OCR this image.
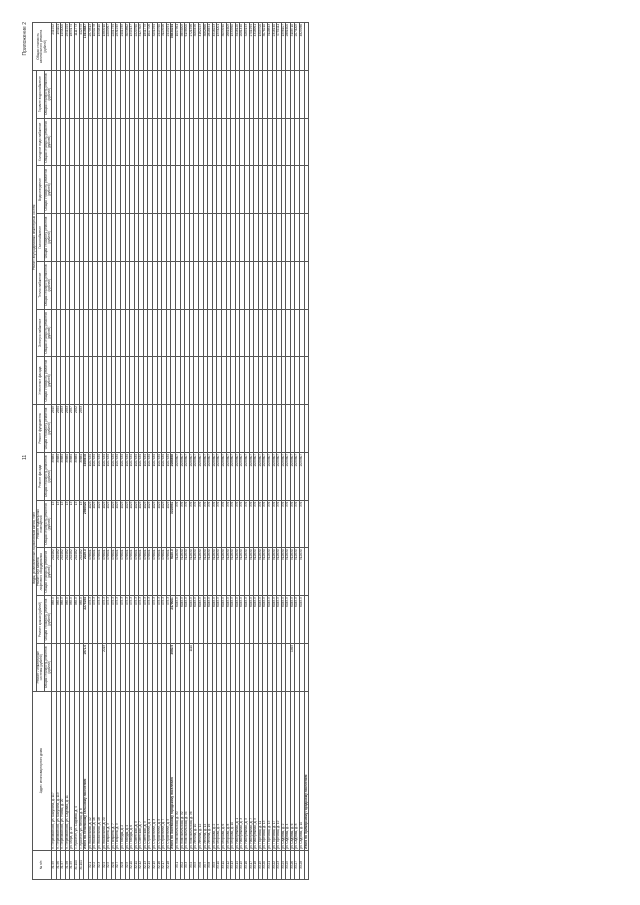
Приложение 2
11
№ п/п	Адрес многоквартирного дома	Виды, установленные нормативным актом, тонн						Ремонт внутридомовых инженерных систем							Общая стоимость капитального ремонта (рублей)
		Ремонт / инженерные системы (рублей)	Ремонт крыши (рублей)	Ремонт или замена лифтового оборудования	Ремонт подвальных помещений	Ремонт фасада	Ремонт фундамента	Утепление фасада	Электроснабжение	Теплоснабжение	Газоснабжение	Водоотведение	Холодное водоснабжение	Горячее водоснабжение	
		Общая стоимость ремонтов (рублей)	Общая стоимость ремонтов (рублей)	Общая стоимость ремонтов (рублей)	Общая стоимость ремонтов (рублей)	Общая стоимость ремонтов (рублей)	Общая стоимость ремонтов (рублей)	Общая стоимость ремонтов (рублей)	Общая стоимость ремонтов (рублей)	Общая стоимость ремонтов (рублей)	Общая стоимость ремонтов (рублей)	Общая стоимость ремонтов (рублей)	Общая стоимость ремонтов (рублей)	Общая стоимость ремонтов (рублей)	
31.95	п. Первомайский, ул. Бакунина, д. 117		985.5	242482	15	39684	2549								241922
31.96	п. Первомайский, ул. Бакунина, д. 119		985.5	242482	15	39684	2554								194101
31.97	п. Первомайский, ул. Новая, д. 20		985.5	242482	15	39684	2553								1450000
31.98	п. Первомайский, ул. Садовая, д. 11		985.5	242482	15	39684	2553								2541924
31.99	ул. Мира, д. 22		985.5	242482	15	39684	2557								1895174
31.100	с. Красное, ул. Садовая, д. 4		985.5	242482	15	39684	2552								1111773
31.101	с. Красное, ул. Лесная, д. 8		985.5	242482	15	39684	2553								412375
	Итого по Ленинскому сельскому поселению	1971.0	2275194	2029.0	2566520	3369678									13419487
32.1	ул. Вокзальная, д. 12		475.3	476601	1025	1007434									2579813
32.2	ул. Вокзальная, д. 16		475.3	476601	1025	1007434									1050278
32.3	ул. Вокзальная, д. 18		475.3	476601	1025	1007434									1990810
32.4	ул. Вокзальная, д. 20	2019	475.3	476601	1025	1007434									1983910
32.5	ул. Гагарина, д. 3		475.3	476601	1025	1007434									2209967
32.6	ул. Гагарина, д. 7		475.3	476601	1025	1007434									2201794
32.7	ул. Гагарина, д. 9		475.3	476601	1025	1007434									2531945
32.8	ул. Победы, д. 2		475.3	476601	1025	1007434									2401939
32.9	ул. Победы, д. 4		475.3	476601	1025	1007434									3093862
32.10	ул. Победы, д. 6		475.3	476601	1025	1007434									1945137
32.11	ул. Советская, д. 5		475.3	476601	1025	1007434									2220760
32.12	ул. Советская, д. 7		475.3	476601	1025	1007434									3127305
32.13	ул. Советская, д. 9		475.3	476601	1025	1007434									1841779
32.14	ул. Строителей, д. 1		475.3	476601	1025	1007434									1617706
32.15	ул. Строителей, д. 3		475.3	476601	1025	1007434									3251994
32.16	ул. Строителей, д. 5		475.3	476601	1025	1007434									2419760
32.17	ул. Строителей, д. 7		475.3	476601	1025	1007434									3113926
32.18	ул. Строителей, д. 9		475.3	476601	1025	1007434									2415291
	Итого по Полевскому городскому поселению	3950.5	2479001	5020.0	3016951	2086858									35834164
33.1	ул. Комсомольская, д. 30		6049.9	912630	376	2059807									1047361
33.2	ул. Комсомольская, д. 32		6049.9	912630	376	2059807									5854909
33.3	ул. Комсомольская, д. 34		6049.9	912630	376	2059807									6198900
33.4	ул. Комсомольская, д. 36	1110	6049.9	912630	376	2059807									2721596
33.5	ул. Ленина, д. 10		6049.9	912630	376	2059807									3065496
33.6	ул. Ленина, д. 12		6049.9	912630	376	2059807									4162223
33.7	ул. Ленина, д. 14		6049.9	912630	376	2059807									3062866
33.8	ул. Ленина, д. 16		6049.9	912630	376	2059807									2818451
33.9	ул. Морская, д. 2		6049.9	912630	376	2059807									4516223
33.10	ул. Морская, д. 4		6049.9	912630	376	2059807									1994001
33.11	ул. Морская, д. 6		6049.9	912630	376	2059807									3053940
33.12	ул. Морская, д. 8		6049.9	912630	376	2059807									2661609
33.13	ул. Морская, д. 10		6049.9	912630	376	2059807									1933560
33.14	ул. Набережная, д. 1		6049.9	912630	376	2059807									3416120
33.15	ул. Набережная, д. 3		6049.9	912630	376	2059807									2081440
33.16	ул. Набережная, д. 5		6049.9	912630	376	2059807									3265193
33.17	ул. Набережная, д. 7		6049.9	912630	376	2059807									2701994
33.18	ул. Набережная, д. 9		6049.9	912630	376	2059807									4318961
33.19	ул. Портовая, д. 11		6049.9	912630	376	2059807									1909700
33.20	ул. Портовая, д. 13		6049.9	912630	376	2059807									3076210
33.21	ул. Портовая, д. 15		6049.9	912630	376	2059807									5118843
33.22	ул. Портовая, д. 17		6049.9	912630	376	2059807									2316140
33.23	ул. Портовая, д. 19		6049.9	912630	376	2059807									4734111
33.24	ул. Садовая, д. 2		6049.9	912630	376	2059807									1996107
33.25	ул. Садовая, д. 4		6049.9	912630	376	2059807									2881600
33.26	ул. Садовая, д. 6	1465	6049.9	912630	376	2059807									3108710
33.27	ул. Садовая, д. 8		6049.9	912630	376	2059807									2074005
33.28	ул. Садовая, д. 10		6049.9	912630	376	2059807									4829986
	Итого по Приморскому городскому поселению														
